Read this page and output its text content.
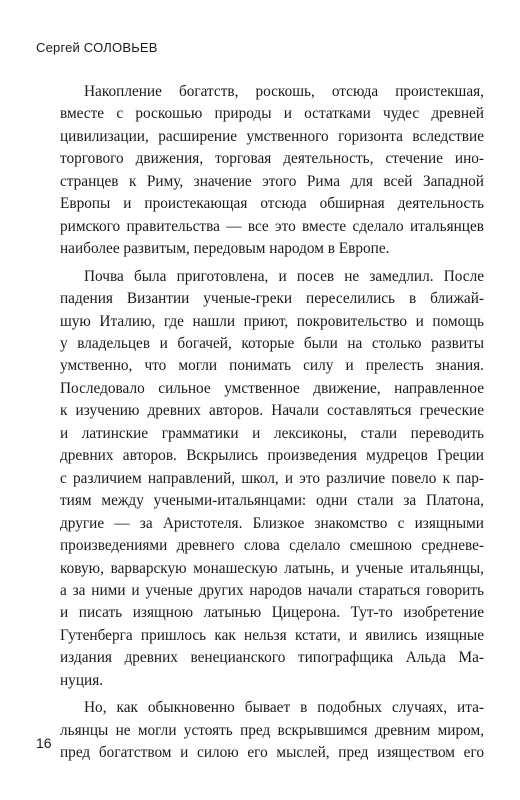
Сергей СОЛОВЬЕВ
Накопление богатств, роскошь, отсюда проистекшая,
вместе с роскошью природы и остатками чудес древней
цивилизации, расширение умственного горизонта вследствие
торгового движения, торговая деятельность, стечение ино-
странцев к Риму, значение этого Рима для всей Западной
Европы и проистекающая отсюда обширная деятельность
римского правительства — все это вместе сделало итальянцев
наиболее развитым, передовым народом в Европе.
Почва была приготовлена, и посев не замедлил. После
падения Византии ученые-греки переселились в ближай-
шую Италию, где нашли приют, покровительство и помощь
у владельцев и богачей, которые были на столько развиты
умственно, что могли понимать силу и прелесть знания.
Последовало сильное умственное движение, направленное
к изучению древних авторов. Начали составляться греческие
и латинские грамматики и лексиконы, стали переводить
древних авторов. Вскрылись произведения мудрецов Греции
с различием направлений, школ, и это различие повело к пар-
тиям между учеными-итальянцами: одни стали за Платона,
другие — за Аристотеля. Близкое знакомство с изящными
произведениями древнего слова сделало смешною средневе-
ковую, варварскую монашескую латынь, и ученые итальянцы,
а за ними и ученые других народов начали стараться говорить
и писать изящною латынью Цицерона. Тут-то изобретение
Гутенберга пришлось как нельзя кстати, и явились изящные
издания древних венецианского типографщика Альда Ма-
нуция.
Но, как обыкновенно бывает в подобных случаях, ита-
льянцы не могли устоять пред вскрывшимся древним миром,
пред богатством и силою его мыслей, пред изяществом его
16
